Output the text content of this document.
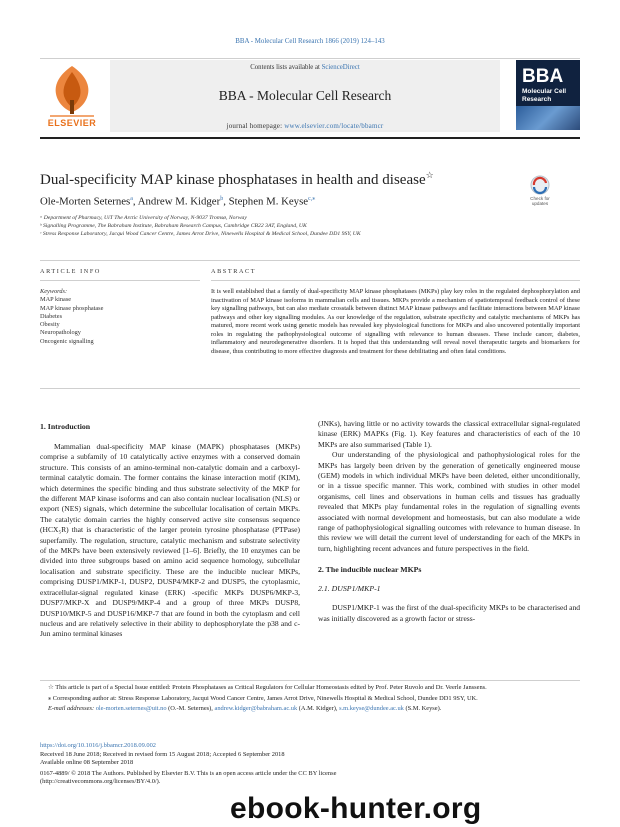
BBA - Molecular Cell Research 1866 (2019) 124–143
ELSEVIER
Contents lists available at ScienceDirect
BBA - Molecular Cell Research
journal homepage: www.elsevier.com/locate/bbamcr
BBA
Molecular Cell Research
Dual-specificity MAP kinase phosphatases in health and disease☆
Check for updates
Ole-Morten Seternes$^a$, Andrew M. Kidger$^b$, Stephen M. Keyse$^{c,⁎}$
ᵃ Department of Pharmacy, UiT The Arctic University of Norway, N-9037 Tromsø, Norway
ᵇ Signalling Programme, The Babraham Institute, Babraham Research Campus, Cambridge CB22 3AT, England, UK
ᶜ Stress Response Laboratory, Jacqui Wood Cancer Centre, James Arrot Drive, Ninewells Hospital & Medical School, Dundee DD1 9SY, UK
ARTICLE INFO	ABSTRACT
Keywords:
MAP kinase
MAP kinase phosphatase
Diabetes
Obesity
Neuropathology
Oncogenic signalling
It is well established that a family of dual-specificity MAP kinase phosphatases (MKPs) play key roles in the regulated dephosphorylation and inactivation of MAP kinase isoforms in mammalian cells and tissues. MKPs provide a mechanism of spatiotemporal feedback control of these key signalling pathways, but can also mediate crosstalk between distinct MAP kinase pathways and facilitate interactions between MAP kinase pathways and other key signalling modules. As our knowledge of the regulation, substrate specificity and catalytic mechanisms of MKPs has matured, more recent work using genetic models has revealed key physiological functions for MKPs and also uncovered potentially important roles in regulating the pathophysiological outcome of signalling with relevance to human diseases. These include cancer, diabetes, inflammatory and neurodegenerative disorders. It is hoped that this understanding will reveal novel therapeutic targets and biomarkers for disease, thus contributing to more effective diagnosis and treatment for these debilitating and often fatal conditions.
1. Introduction
Mammalian dual-specificity MAP kinase (MAPK) phosphatases (MKPs) comprise a subfamily of 10 catalytically active enzymes with a conserved domain structure. This consists of an amino-terminal non-catalytic domain and a carboxyl-terminal catalytic domain. The former contains the kinase interaction motif (KIM), which determines the specific binding and thus substrate selectivity of the MKP for the different MAP kinase isoforms and can also contain nuclear localisation (NLS) or export (NES) signals, which determine the subcellular localisation of certain MKPs. The catalytic domain carries the highly conserved active site consensus sequence (HCX₅R) that is characteristic of the larger protein tyrosine phosphatase (PTPase) superfamily. The regulation, structure, catalytic mechanism and substrate selectivity of the MKPs have been extensively reviewed [1–6]. Briefly, the 10 enzymes can be divided into three subgroups based on amino acid sequence homology, subcellular localisation and substrate specificity. These are the inducible nuclear MKPs, comprising DUSP1/MKP-1, DUSP2, DUSP4/MKP-2 and DUSP5, the cytoplasmic, extracellular-signal regulated kinase (ERK) -specific MKPs DUSP6/MKP-3, DUSP7/MKP-X and DUSP9/MKP-4 and a group of three MKPs DUSP8, DUSP10/MKP-5 and DUSP16/MKP-7 that are found in both the cytoplasm and cell nucleus and are relatively selective in their ability to dephosphorylate the p38 and c-Jun amino terminal kinases
(JNKs), having little or no activity towards the classical extracellular signal-regulated kinase (ERK) MAPKs (Fig. 1). Key features and characteristics of each of the 10 MKPs are also summarised (Table 1).
Our understanding of the physiological and pathophysiological roles for the MKPs has largely been driven by the generation of genetically engineered mouse (GEM) models in which individual MKPs have been deleted, either unconditionally, or in a tissue specific manner. This work, combined with studies in other model organisms, cell lines and observations in human cells and tissues has gradually revealed that MKPs play fundamental roles in the regulation of signalling events associated with normal development and homeostasis, but can also modulate a wide range of pathophysiological signalling outcomes with relevance to human disease. In this review we will detail the current level of understanding for each of the MKPs in turn, highlighting recent advances and future perspectives in the field.
2. The inducible nuclear MKPs
2.1. DUSP1/MKP-1
DUSP1/MKP-1 was the first of the dual-specificity MKPs to be characterised and was initially discovered as a growth factor or stress-
☆ This article is part of a Special Issue entitled: Protein Phosphatases as Critical Regulators for Cellular Homeostasis edited by Prof. Peter Ruvolo and Dr. Veerle Janssens.
⁎ Corresponding author at: Stress Response Laboratory, Jacqui Wood Cancer Centre, James Arrot Drive, Ninewells Hospital & Medical School, Dundee DD1 9SY, UK.
E-mail addresses: ole-morten.seternes@uit.no (O.-M. Seternes), andrew.kidger@babraham.ac.uk (A.M. Kidger), s.m.keyse@dundee.ac.uk (S.M. Keyse).
https://doi.org/10.1016/j.bbamcr.2018.09.002
Received 18 June 2018; Received in revised form 15 August 2018; Accepted 6 September 2018
Available online 08 September 2018
0167-4889/ © 2018 The Authors. Published by Elsevier B.V. This is an open access article under the CC BY license
(http://creativecommons.org/licenses/BY/4.0/).
ebook-hunter.org
